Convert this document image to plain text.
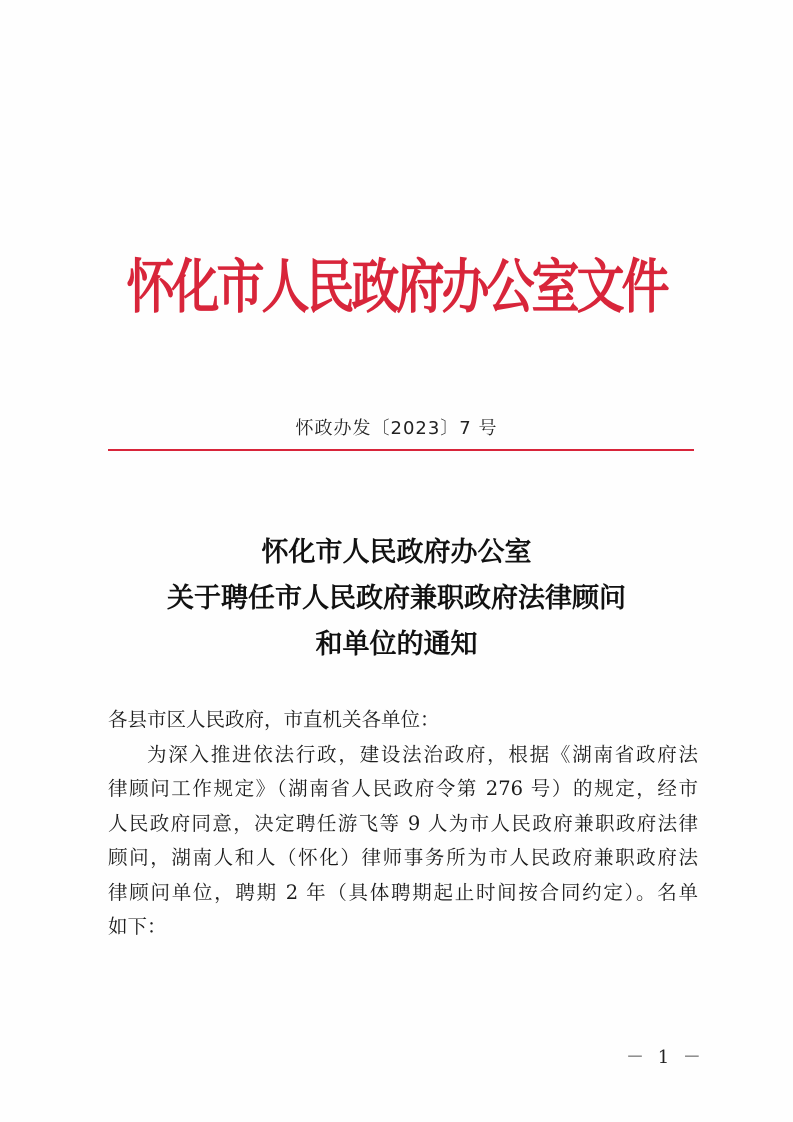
怀化市人民政府办公室文件
怀政办发〔2023〕7 号
怀化市人民政府办公室
关于聘任市人民政府兼职政府法律顾问
和单位的通知
各县市区人民政府，市直机关各单位：
为深入推进依法行政，建设法治政府，根据《湖南省政府法
律顾问工作规定》（湖南省人民政府令第 276 号）的规定，经市
人民政府同意，决定聘任游飞等 9 人为市人民政府兼职政府法律
顾问，湖南人和人（怀化）律师事务所为市人民政府兼职政府法
律顾问单位，聘期 2 年（具体聘期起止时间按合同约定）。名单
如下：
－ 1 －
